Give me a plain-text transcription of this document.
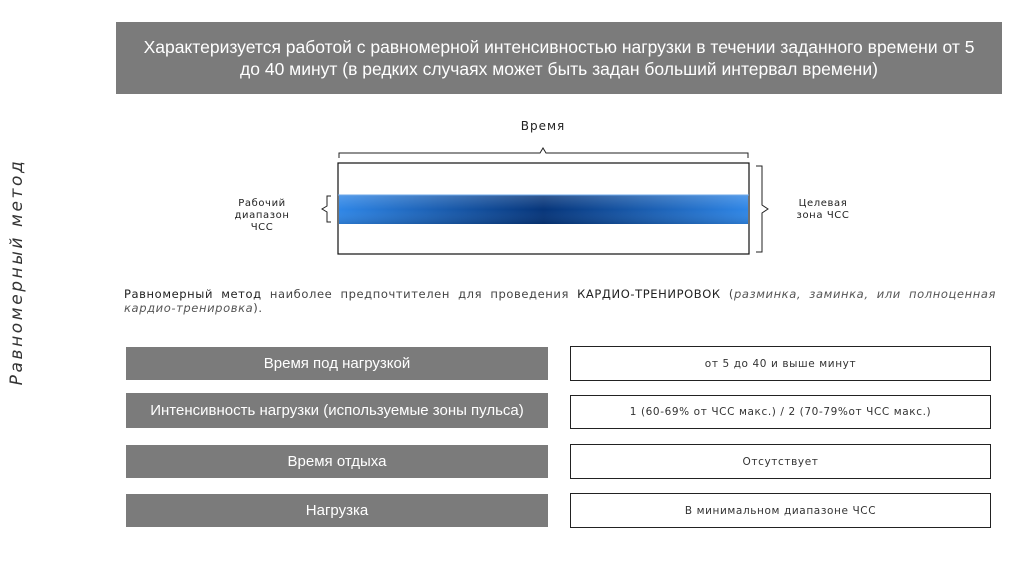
Характеризуется работой с равномерной интенсивностью нагрузки в течении заданного времени от 5 до 40 минут (в редких случаях может быть задан больший интервал времени)
Равномерный метод
Время
Рабочий диапазон ЧСС
Целевая зона ЧСС
Равномерный метод наиболее предпочтителен для проведения КАРДИО-ТРЕНИРОВОК (разминка, заминка, или полноценная кардио-тренировка).
Время под нагрузкой	от 5 до 40 и выше минут
Интенсивность нагрузки (используемые зоны пульса)	1 (60-69% от ЧСС макс.) / 2 (70-79%от ЧСС макс.)
Время отдыха	Отсутствует
Нагрузка	В минимальном диапазоне ЧСС
